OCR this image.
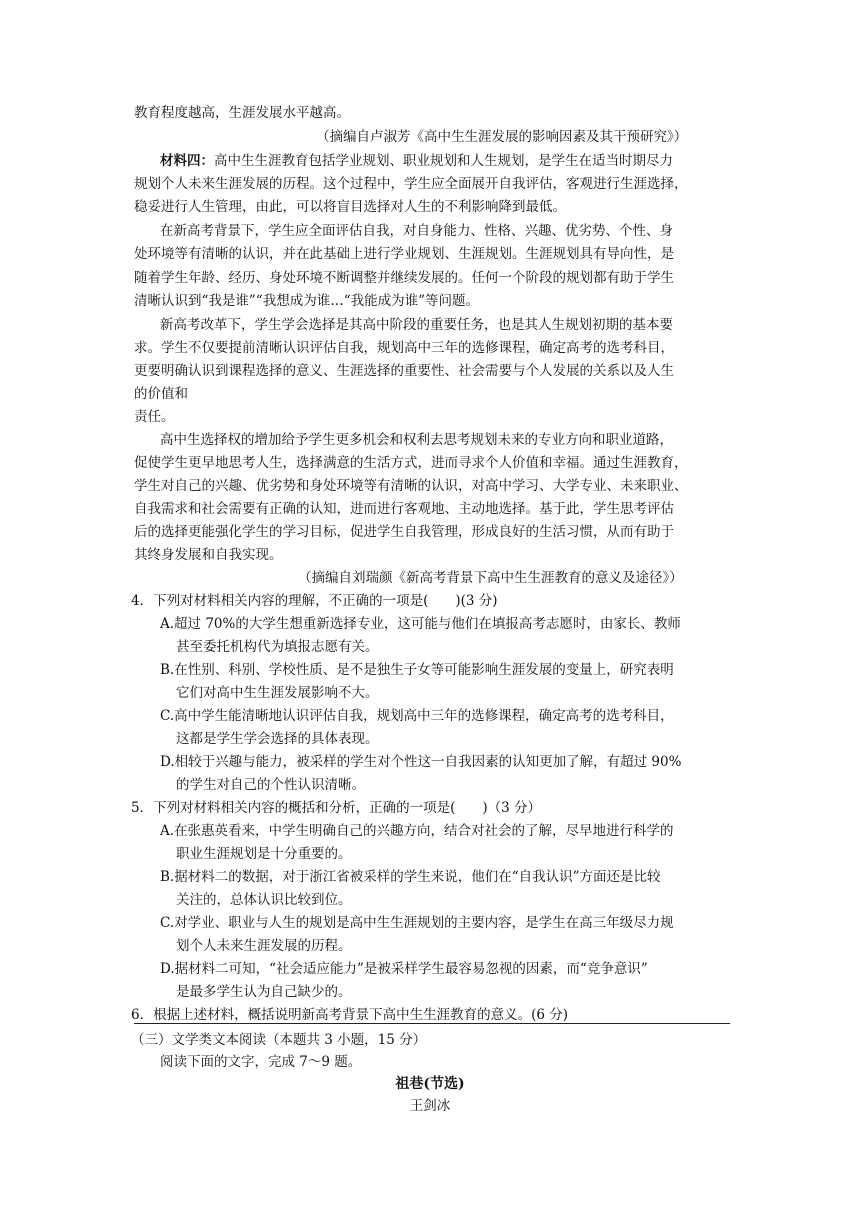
教育程度越高，生涯发展水平越高。
（摘编自卢淑芳《高中生生涯发展的影响因素及其干预研究》）
材料四：高中生生涯教育包括学业规划、职业规划和人生规划，是学生在适当时期尽力
规划个人未来生涯发展的历程。这个过程中，学生应全面展开自我评估，客观进行生涯选择，
稳妥进行人生管理，由此，可以将盲目选择对人生的不利影响降到最低。
在新高考背景下，学生应全面评估自我，对自身能力、性格、兴趣、优劣势、个性、身
处环境等有清晰的认识，并在此基础上进行学业规划、生涯规划。生涯规划具有导向性，是
随着学生年龄、经历、身处环境不断调整并继续发展的。任何一个阶段的规划都有助于学生
清晰认识到“我是谁”“我想成为谁…“我能成为谁”等问题。
新高考改革下，学生学会选择是其高中阶段的重要任务，也是其人生规划初期的基本要
求。学生不仅要提前清晰认识评估自我，规划高中三年的选修课程，确定高考的选考科目，
更要明确认识到课程选择的意义、生涯选择的重要性、社会需要与个人发展的关系以及人生
的价值和
责任。
高中生选择权的增加给予学生更多机会和权利去思考规划未来的专业方向和职业道路，
促使学生更早地思考人生，选择满意的生活方式，进而寻求个人价值和幸福。通过生涯教育，
学生对自己的兴趣、优劣势和身处环境等有清晰的认识，对高中学习、大学专业、未来职业、
自我需求和社会需要有正确的认知，进而进行客观地、主动地选择。基于此，学生思考评估
后的选择更能强化学生的学习目标，促进学生自我管理，形成良好的生活习惯，从而有助于
其终身发展和自我实现。
（摘编自刘瑞颜《新高考背景下高中生生涯教育的意义及途径》）
4．下列对材料相关内容的理解，不正确的一项是(　　)(3 分)
A.超过 70%的大学生想重新选择专业，这可能与他们在填报高考志愿时，由家长、教师
甚至委托机构代为填报志愿有关。
B.在性别、科别、学校性质、是不是独生子女等可能影响生涯发展的变量上，研究表明
它们对高中生生涯发展影响不大。
C.高中学生能清晰地认识评估自我，规划高中三年的选修课程，确定高考的选考科目，
这都是学生学会选择的具体表现。
D.相较于兴趣与能力，被采样的学生对个性这一自我因素的认知更加了解，有超过 90%
的学生对自己的个性认识清晰。
5．下列对材料相关内容的概括和分析，正确的一项是(　　)（3 分）
A.在张惠英看来，中学生明确自己的兴趣方向，结合对社会的了解，尽早地进行科学的
职业生涯规划是十分重要的。
B.据材料二的数据，对于浙江省被采样的学生来说，他们在“自我认识”方面还是比较
关注的，总体认识比较到位。
C.对学业、职业与人生的规划是高中生生涯规划的主要内容，是学生在高三年级尽力规
划个人未来生涯发展的历程。
D.据材料二可知，“社会适应能力”是被采样学生最容易忽视的因素，而“竞争意识”
是最多学生认为自己缺少的。
6．根据上述材料，概括说明新高考背景下高中生生涯教育的意义。(6 分)
（三）文学类文本阅读（本题共 3 小题，15 分）
阅读下面的文字，完成 7～9 题。
祖巷(节选)
王剑冰
